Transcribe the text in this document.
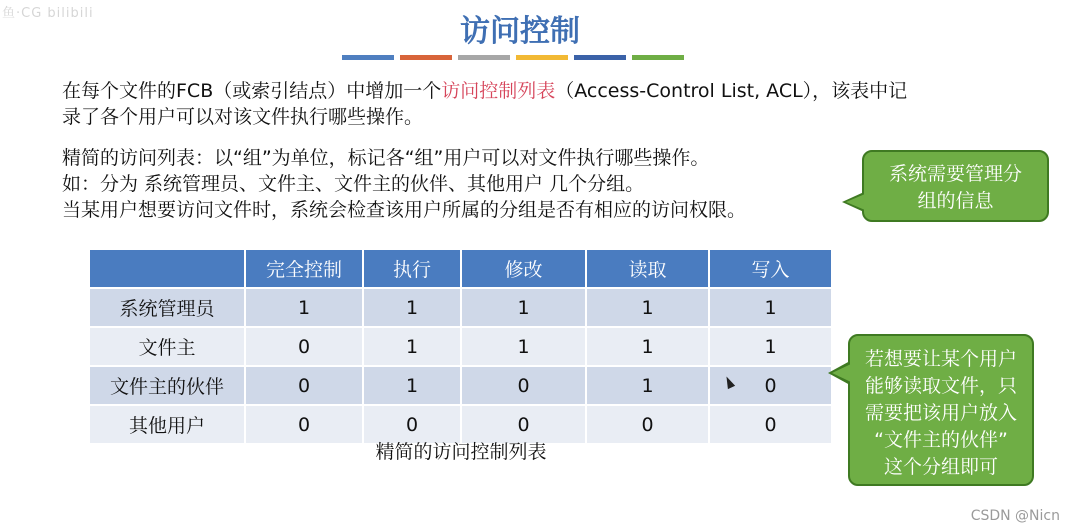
鱼·CG bilibili
访问控制
在每个文件的FCB（或索引结点）中增加一个访问控制列表（Access-Control List, ACL），该表中记
录了各个用户可以对该文件执行哪些操作。
精简的访问列表：以“组”为单位，标记各“组”用户可以对文件执行哪些操作。
如：分为 系统管理员、文件主、文件主的伙伴、其他用户 几个分组。
当某用户想要访问文件时，系统会检查该用户所属的分组是否有相应的访问权限。
系统需要管理分
组的信息
	完全控制	执行	修改	读取	写入
系统管理员	1	1	1	1	1
文件主	0	1	1	1	1
文件主的伙伴	0	1	0	1	0
其他用户	0	0	0	0	0
精简的访问控制列表
若想要让某个用户
能够读取文件，只
需要把该用户放入
“文件主的伙伴”
这个分组即可
CSDN @Nicn
